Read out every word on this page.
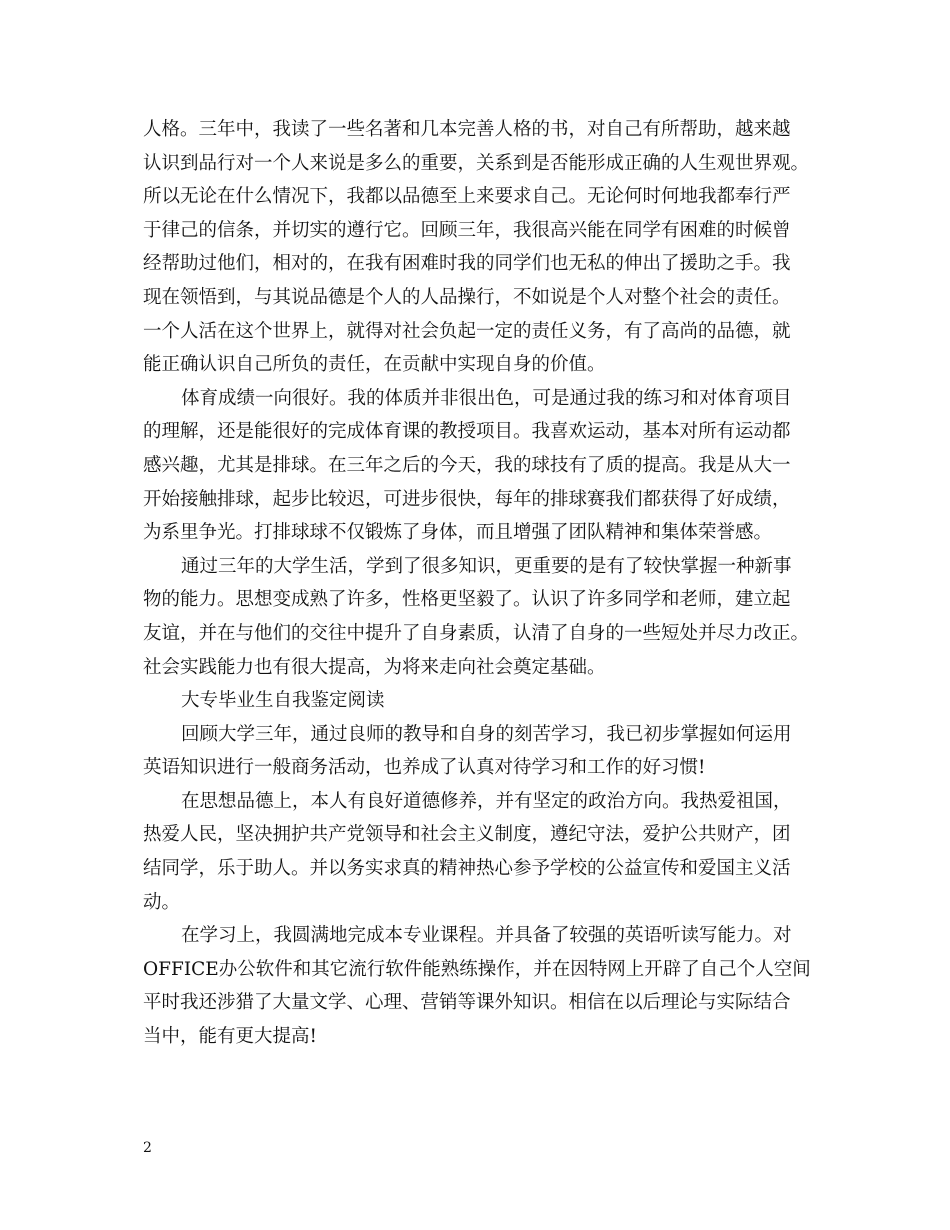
人格。三年中，我读了一些名著和几本完善人格的书，对自己有所帮助，越来越
认识到品行对一个人来说是多么的重要，关系到是否能形成正确的人生观世界观。
所以无论在什么情况下，我都以品德至上来要求自己。无论何时何地我都奉行严
于律己的信条，并切实的遵行它。回顾三年，我很高兴能在同学有困难的时候曾
经帮助过他们，相对的，在我有困难时我的同学们也无私的伸出了援助之手。我
现在领悟到，与其说品德是个人的人品操行，不如说是个人对整个社会的责任。
一个人活在这个世界上，就得对社会负起一定的责任义务，有了高尚的品德，就
能正确认识自己所负的责任，在贡献中实现自身的价值。
体育成绩一向很好。我的体质并非很出色，可是通过我的练习和对体育项目
的理解，还是能很好的完成体育课的教授项目。我喜欢运动，基本对所有运动都
感兴趣，尤其是排球。在三年之后的今天，我的球技有了质的提高。我是从大一
开始接触排球，起步比较迟，可进步很快，每年的排球赛我们都获得了好成绩，
为系里争光。打排球球不仅锻炼了身体，而且增强了团队精神和集体荣誉感。
通过三年的大学生活，学到了很多知识，更重要的是有了较快掌握一种新事
物的能力。思想变成熟了许多，性格更坚毅了。认识了许多同学和老师，建立起
友谊，并在与他们的交往中提升了自身素质，认清了自身的一些短处并尽力改正。
社会实践能力也有很大提高，为将来走向社会奠定基础。
大专毕业生自我鉴定阅读
回顾大学三年，通过良师的教导和自身的刻苦学习，我已初步掌握如何运用
英语知识进行一般商务活动，也养成了认真对待学习和工作的好习惯!
在思想品德上，本人有良好道德修养，并有坚定的政治方向。我热爱祖国，
热爱人民，坚决拥护共产党领导和社会主义制度，遵纪守法，爱护公共财产，团
结同学，乐于助人。并以务实求真的精神热心参予学校的公益宣传和爱国主义活
动。
在学习上，我圆满地完成本专业课程。并具备了较强的英语听读写能力。对
OFFICE办公软件和其它流行软件能熟练操作，并在因特网上开辟了自己个人空间
平时我还涉猎了大量文学、心理、营销等课外知识。相信在以后理论与实际结合
当中，能有更大提高!
2
